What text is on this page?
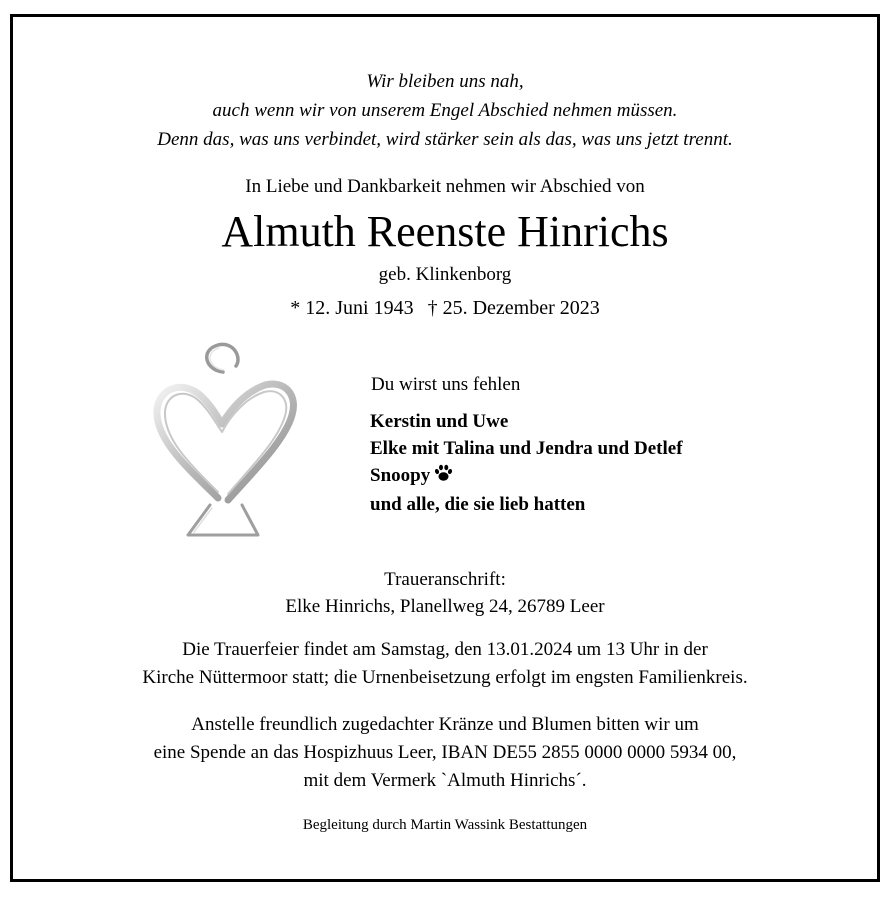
Wir bleiben uns nah,
auch wenn wir von unserem Engel Abschied nehmen müssen.
Denn das, was uns verbindet, wird stärker sein als das, was uns jetzt trennt.
In Liebe und Dankbarkeit nehmen wir Abschied von
Almuth Reenste Hinrichs
geb. Klinkenborg
* 12. Juni 1943 † 25. Dezember 2023
Du wirst uns fehlen
Kerstin und Uwe
Elke mit Talina und Jendra und Detlef
Snoopy
und alle, die sie lieb hatten
Traueranschrift:
Elke Hinrichs, Planellweg 24, 26789 Leer
Die Trauerfeier findet am Samstag, den 13.01.2024 um 13 Uhr in der
Kirche Nüttermoor statt; die Urnenbeisetzung erfolgt im engsten Familienkreis.
Anstelle freundlich zugedachter Kränze und Blumen bitten wir um
eine Spende an das Hospizhuus Leer, IBAN DE55 2855 0000 0000 5934 00,
mit dem Vermerk `Almuth Hinrichs´.
Begleitung durch Martin Wassink Bestattungen
